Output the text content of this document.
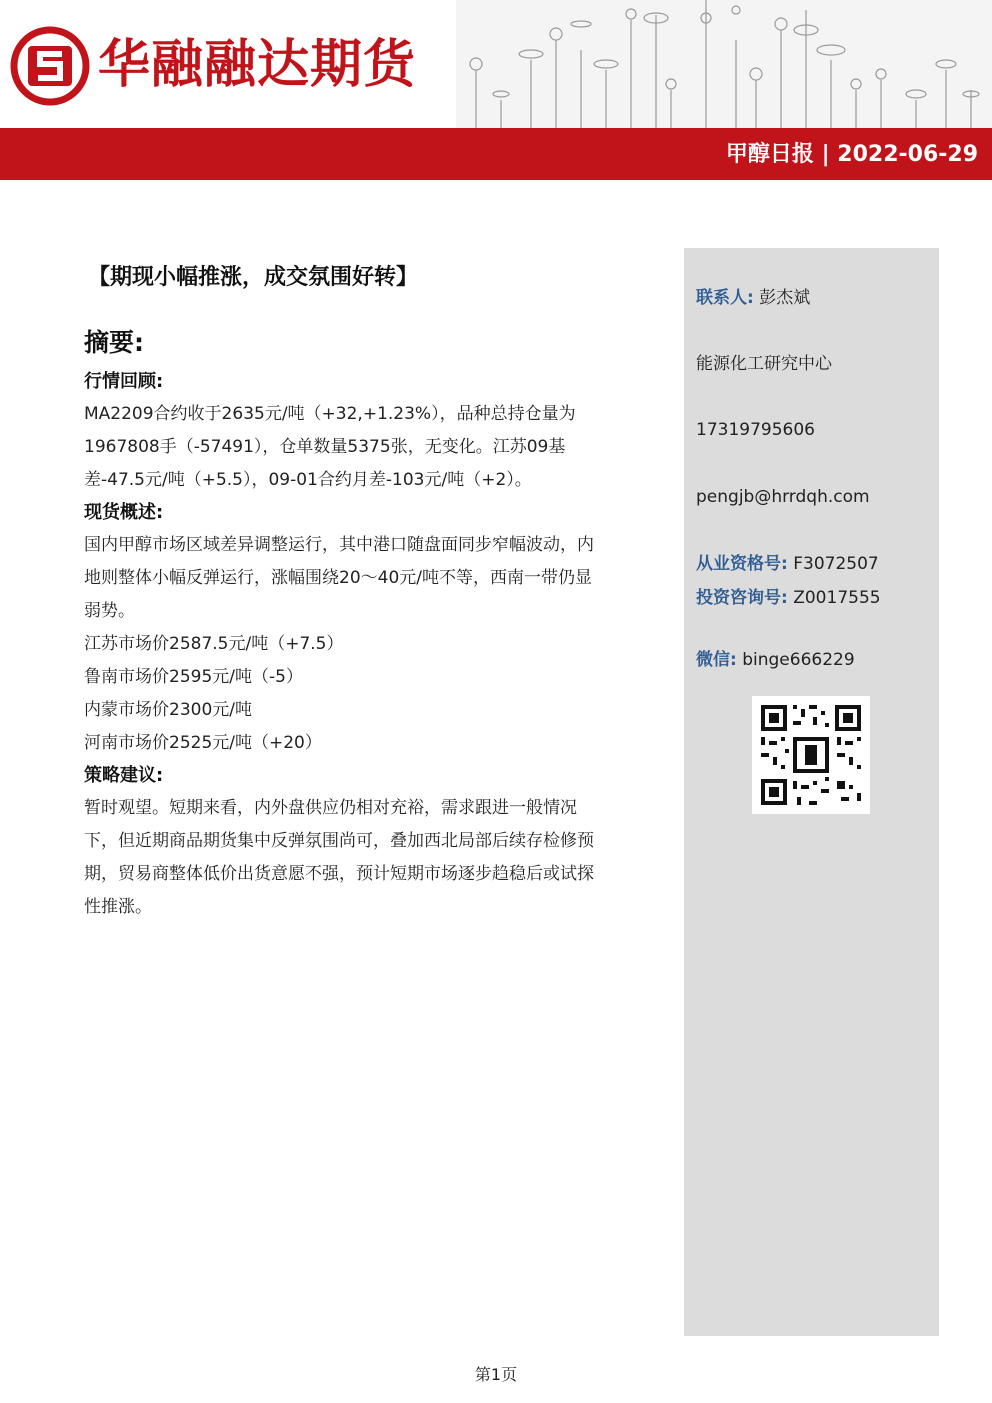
华融融达期货
甲醇日报 | 2022-06-29
【期现小幅推涨，成交氛围好转】
摘要:
行情回顾:
MA2209合约收于2635元/吨（+32,+1.23%），品种总持仓量为
1967808手（-57491），仓单数量5375张，无变化。江苏09基
差-47.5元/吨（+5.5），09-01合约月差-103元/吨（+2）。
现货概述:
国内甲醇市场区域差异调整运行，其中港口随盘面同步窄幅波动，内
地则整体小幅反弹运行，涨幅围绕20～40元/吨不等，西南一带仍显
弱势。
江苏市场价2587.5元/吨（+7.5）
鲁南市场价2595元/吨（-5）
内蒙市场价2300元/吨
河南市场价2525元/吨（+20）
策略建议:
暂时观望。短期来看，内外盘供应仍相对充裕，需求跟进一般情况
下，但近期商品期货集中反弹氛围尚可，叠加西北局部后续存检修预
期，贸易商整体低价出货意愿不强，预计短期市场逐步趋稳后或试探
性推涨。
联系人: 彭杰斌
能源化工研究中心
17319795606
pengjb@hrrdqh.com
从业资格号: F3072507
投资咨询号: Z0017555
微信: binge666229
第1页
